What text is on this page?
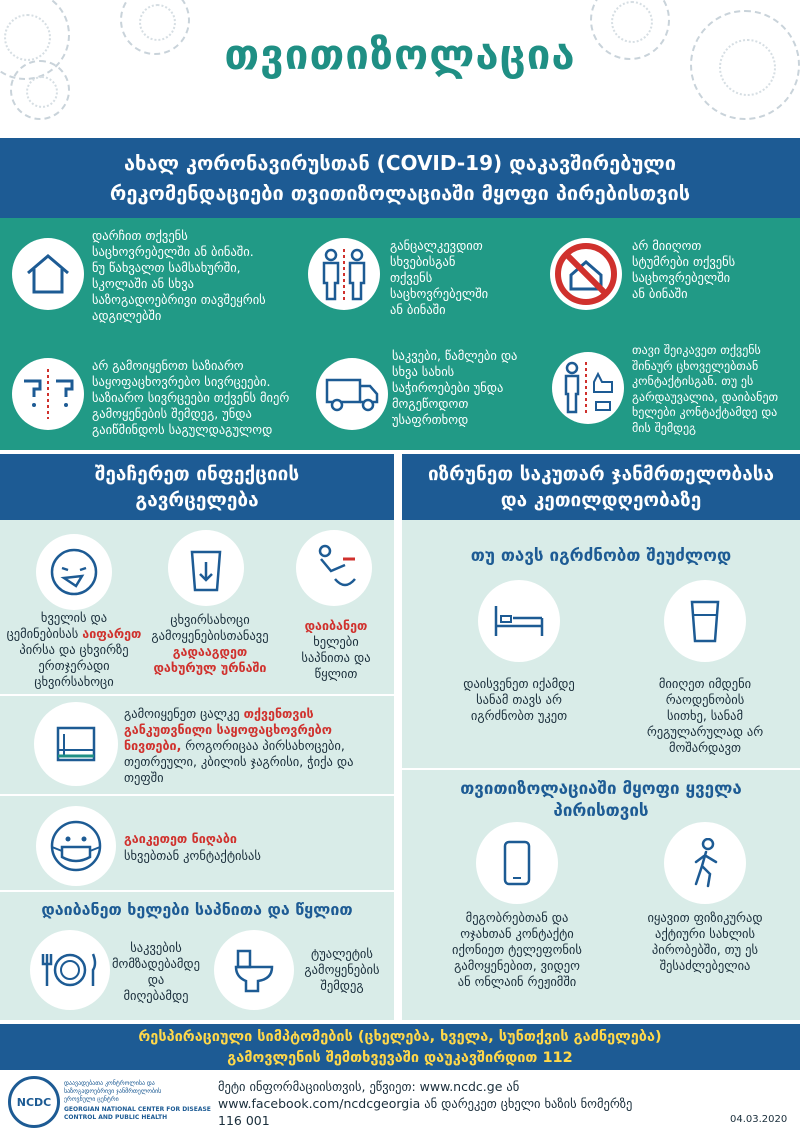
თვითიზოლაცია
ახალ კორონავირუსთან (COVID-19) დაკავშირებული
რეკომენდაციები თვითიზოლაციაში მყოფი პირებისთვის
დარჩით თქვენს
საცხოვრებელში ან ბინაში.
ნუ წახვალთ სამსახურში,
სკოლაში ან სხვა
საზოგადოებრივი თავშეყრის
ადგილებში
განცალკევდით
სხვებისგან
თქვენს
საცხოვრებელში
ან ბინაში
არ მიიღოთ
სტუმრები თქვენს
საცხოვრებელში
ან ბინაში
არ გამოიყენოთ საზიარო
საყოფაცხოვრებო სივრცეები.
საზიარო სივრცეები თქვენს მიერ
გამოყენების შემდეგ, უნდა
გაიწმინდოს საგულდაგულოდ
საკვები, წამლები და
სხვა სახის
საჭიროებები უნდა
მოგეწოდოთ
უსაფრთხოდ
თავი შეიკავეთ თქვენს
შინაურ ცხოველებთან
კონტაქტისგან. თუ ეს
გარდაუვალია, დაიბანეთ
ხელები კონტაქტამდე და
მის შემდეგ
შეაჩერეთ ინფექციის
გავრცელება
ხველის და
ცემინებისას აიფარეთ
პირსა და ცხვირზე
ერთჯერადი
ცხვირსახოცი
ცხვირსახოცი
გამოყენებისთანავე
გადააგდეთ
დახურულ ურნაში
დაიბანეთ
ხელები
საპნითა და
წყლით
გამოიყენეთ ცალკე თქვენთვის
განკუთვნილი საყოფაცხოვრებო
ნივთები, როგორიცაა პირსახოცები,
თეთრეული, კბილის ჯაგრისი, ჭიქა და
თეფში
გაიკეთეთ ნიღაბი
სხვებთან კონტაქტისას
დაიბანეთ ხელები საპნითა და წყლით
საკვების
მომზადებამდე
და
მიღებამდე
ტუალეტის
გამოყენების
შემდეგ
იზრუნეთ საკუთარ ჯანმრთელობასა
და კეთილდღეობაზე
თუ თავს იგრძნობთ შეუძლოდ
დაისვენეთ იქამდე
სანამ თავს არ
იგრძნობთ უკეთ
მიიღეთ იმდენი
რაოდენობის
სითხე, სანამ
რეგულარულად არ
მოშარდავთ
თვითიზოლაციაში მყოფი ყველა
პირისთვის
მეგობრებთან და
ოჯახთან კონტაქტი
იქონიეთ ტელეფონის
გამოყენებით, ვიდეო
ან ონლაინ რეჟიმში
იყავით ფიზიკურად
აქტიური სახლის
პირობებში, თუ ეს
შესაძლებელია
რესპირაციული სიმპტომების (ცხელება, ხველა, სუნთქვის გაძნელება)
გამოვლენის შემთხვევაში დაუკავშირდით 112
NCDC
დაავადებათა კონტროლისა და
საზოგადოებრივი ჯანმრთელობის
ეროვნული ცენტრი
GEORGIAN NATIONAL CENTER FOR DISEASE
CONTROL AND PUBLIC HEALTH
მეტი ინფორმაციისთვის, ეწვიეთ: www.ncdc.ge ან
www.facebook.com/ncdcgeorgia ან დარეკეთ ცხელი ხაზის ნომერზე
116 001	04.03.2020
